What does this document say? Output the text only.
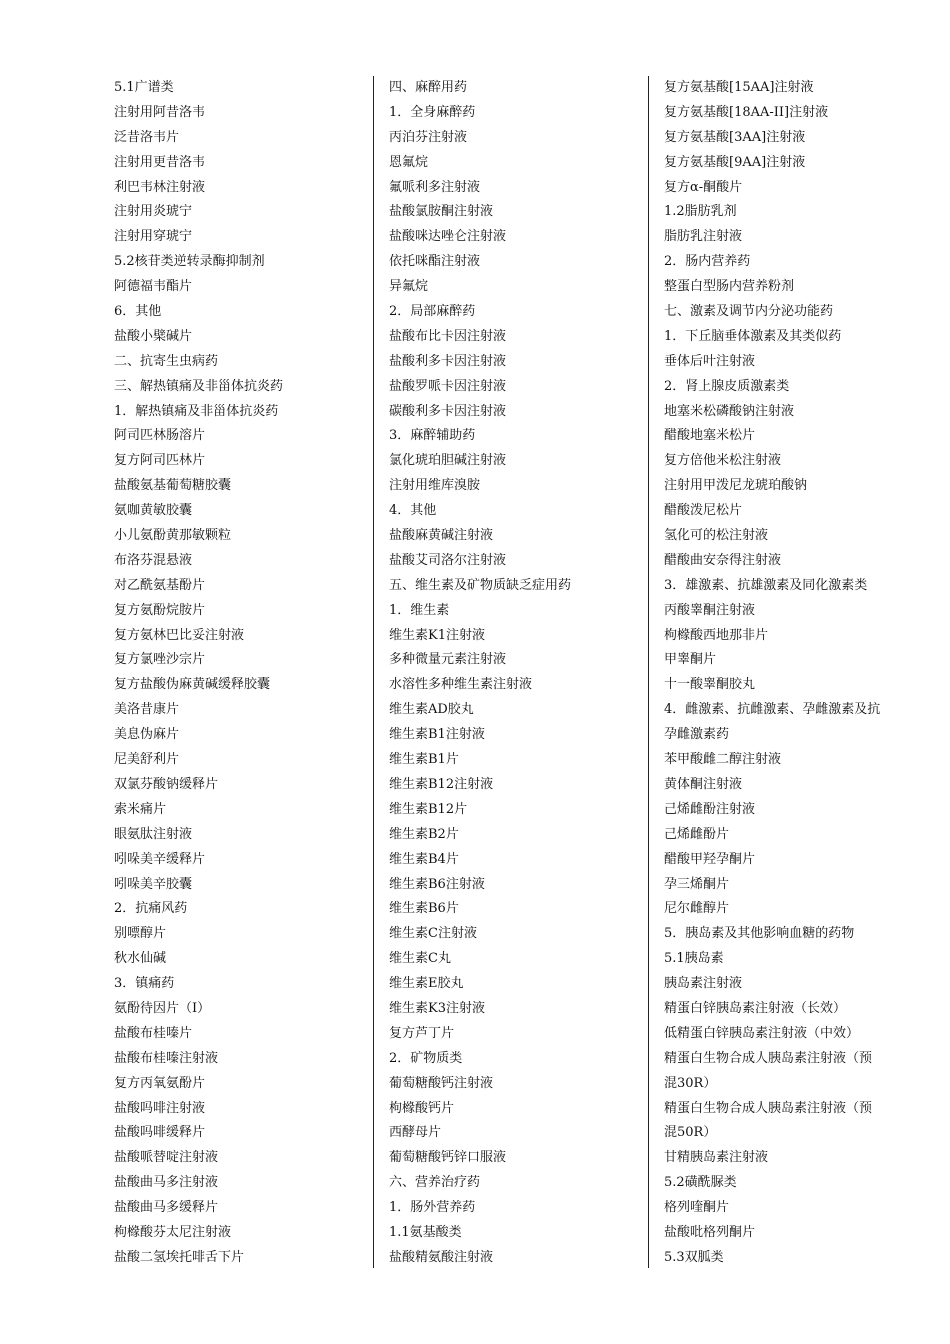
5.1广谱类
注射用阿昔洛韦
泛昔洛韦片
注射用更昔洛韦
利巴韦林注射液
注射用炎琥宁
注射用穿琥宁
5.2核苷类逆转录酶抑制剂
阿德福韦酯片
6．其他
盐酸小檗碱片
二、抗寄生虫病药
三、解热镇痛及非甾体抗炎药
1．解热镇痛及非甾体抗炎药
阿司匹林肠溶片
复方阿司匹林片
盐酸氨基葡萄糖胶囊
氨咖黄敏胶囊
小儿氨酚黄那敏颗粒
布洛芬混悬液
对乙酰氨基酚片
复方氨酚烷胺片
复方氨林巴比妥注射液
复方氯唑沙宗片
复方盐酸伪麻黄碱缓释胶囊
美洛昔康片
美息伪麻片
尼美舒利片
双氯芬酸钠缓释片
索米痛片
眼氨肽注射液
吲哚美辛缓释片
吲哚美辛胶囊
2．抗痛风药
别嘌醇片
秋水仙碱
3．镇痛药
氨酚待因片（Ⅰ）
盐酸布桂嗪片
盐酸布桂嗪注射液
复方丙氧氨酚片
盐酸吗啡注射液
盐酸吗啡缓释片
盐酸哌替啶注射液
盐酸曲马多注射液
盐酸曲马多缓释片
枸橼酸芬太尼注射液
盐酸二氢埃托啡舌下片
四、麻醉用药
1．全身麻醉药
丙泊芬注射液
恩氟烷
氟哌利多注射液
盐酸氯胺酮注射液
盐酸咪达唑仑注射液
依托咪酯注射液
异氟烷
2．局部麻醉药
盐酸布比卡因注射液
盐酸利多卡因注射液
盐酸罗哌卡因注射液
碳酸利多卡因注射液
3．麻醉辅助药
氯化琥珀胆碱注射液
注射用维库溴胺
4．其他
盐酸麻黄碱注射液
盐酸艾司洛尔注射液
五、维生素及矿物质缺乏症用药
1．维生素
维生素K1注射液
多种微量元素注射液
水溶性多种维生素注射液
维生素AD胶丸
维生素B1注射液
维生素B1片
维生素B12注射液
维生素B12片
维生素B2片
维生素B4片
维生素B6注射液
维生素B6片
维生素C注射液
维生素C丸
维生素E胶丸
维生素K3注射液
复方芦丁片
2．矿物质类
葡萄糖酸钙注射液
枸橼酸钙片
西酵母片
葡萄糖酸钙锌口服液
六、营养治疗药
1．肠外营养药
1.1氨基酸类
盐酸精氨酸注射液
复方氨基酸[15AA]注射液
复方氨基酸[18AA-II]注射液
复方氨基酸[3AA]注射液
复方氨基酸[9AA]注射液
复方α-酮酸片
1.2脂肪乳剂
脂肪乳注射液
2．肠内营养药
整蛋白型肠内营养粉剂
七、激素及调节内分泌功能药
1．下丘脑垂体激素及其类似药
垂体后叶注射液
2．肾上腺皮质激素类
地塞米松磷酸钠注射液
醋酸地塞米松片
复方倍他米松注射液
注射用甲泼尼龙琥珀酸钠
醋酸泼尼松片
氢化可的松注射液
醋酸曲安奈得注射液
3．雄激素、抗雄激素及同化激素类
丙酸睾酮注射液
枸橼酸西地那非片
甲睾酮片
十一酸睾酮胶丸
4．雌激素、抗雌激素、孕雌激素及抗
孕雌激素药
苯甲酸雌二醇注射液
黄体酮注射液
己烯雌酚注射液
己烯雌酚片
醋酸甲羟孕酮片
孕三烯酮片
尼尔雌醇片
5．胰岛素及其他影响血糖的药物
5.1胰岛素
胰岛素注射液
精蛋白锌胰岛素注射液（长效）
低精蛋白锌胰岛素注射液（中效）
精蛋白生物合成人胰岛素注射液（预
混30R）
精蛋白生物合成人胰岛素注射液（预
混50R）
甘精胰岛素注射液
5.2磺酰脲类
格列喹酮片
盐酸吡格列酮片
5.3双胍类
